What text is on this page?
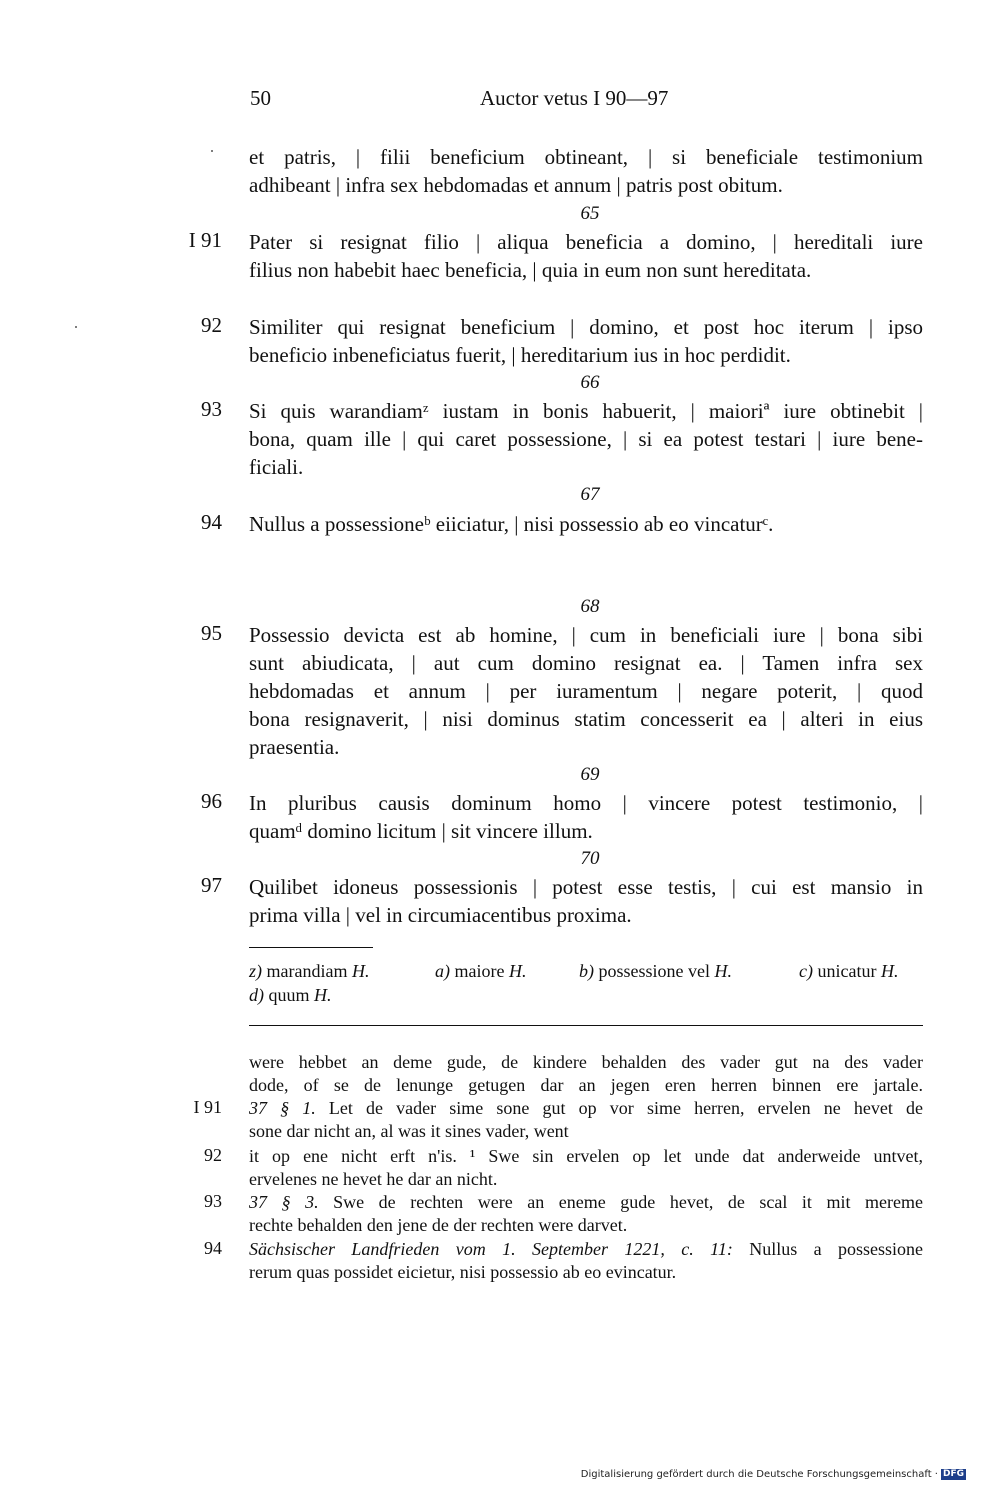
50	Auctor vetus I 90—97
et patris, | filii beneficium obtineant, | si beneficiale testimonium
adhibeant | infra sex hebdomadas et annum | patris post obitum.
65
I 91 Pater si resignat filio | aliqua beneficia a domino, | hereditali iure
filius non habebit haec beneficia, | quia in eum non sunt hereditata.
92 Similiter qui resignat beneficium | domino, et post hoc iterum | ipso
beneficio inbeneficiatus fuerit, | hereditarium ius in hoc perdidit.
66
93 Si quis warandiamᶻ iustam in bonis habuerit, | maioriª iure obtinebit |
bona, quam ille | qui caret possessione, | si ea potest testari | iure bene-
ficiali.
67
94 Nullus a possessioneᵇ eiiciatur, | nisi possessio ab eo vincaturᶜ.
68
95 Possessio devicta est ab homine, | cum in beneficiali iure | bona sibi
sunt abiudicata, | aut cum domino resignat ea. | Tamen infra sex
hebdomadas et annum | per iuramentum | negare poterit, | quod
bona resignaverit, | nisi dominus statim concesserit ea | alteri in eius
praesentia.
69
96 In pluribus causis dominum homo | vincere potest testimonio, |
quamᵈ domino licitum | sit vincere illum.
70
97 Quilibet idoneus possessionis | potest esse testis, | cui est mansio in
prima villa | vel in circumiacentibus proxima.
z) marandiam H.	a) maiore H.	b) possessione vel H.	c) unicatur H.
d) quum H.
were hebbet an deme gude, de kindere behalden des vader gut na des vader
dode, of se de lenunge getugen dar an jegen eren herren binnen ere jartale.
I 91 37 § 1. Let de vader sime sone gut op vor sime herren, ervelen ne hevet de
sone dar nicht an, al was it sines vader, went
92 it op ene nicht erft n'is. ¹ Swe sin ervelen op let unde dat anderweide untvet,
ervelenes ne hevet he dar an nicht.
93 37 § 3. Swe de rechten were an eneme gude hevet, de scal it mit mereme
rechte behalden den jene de der rechten were darvet.
94 Sächsischer Landfrieden vom 1. September 1221, c. 11: Nullus a possessione
rerum quas possidet eicietur, nisi possessio ab eo evincatur.
Digitalisierung gefördert durch die Deutsche Forschungsgemeinschaft · DFG
